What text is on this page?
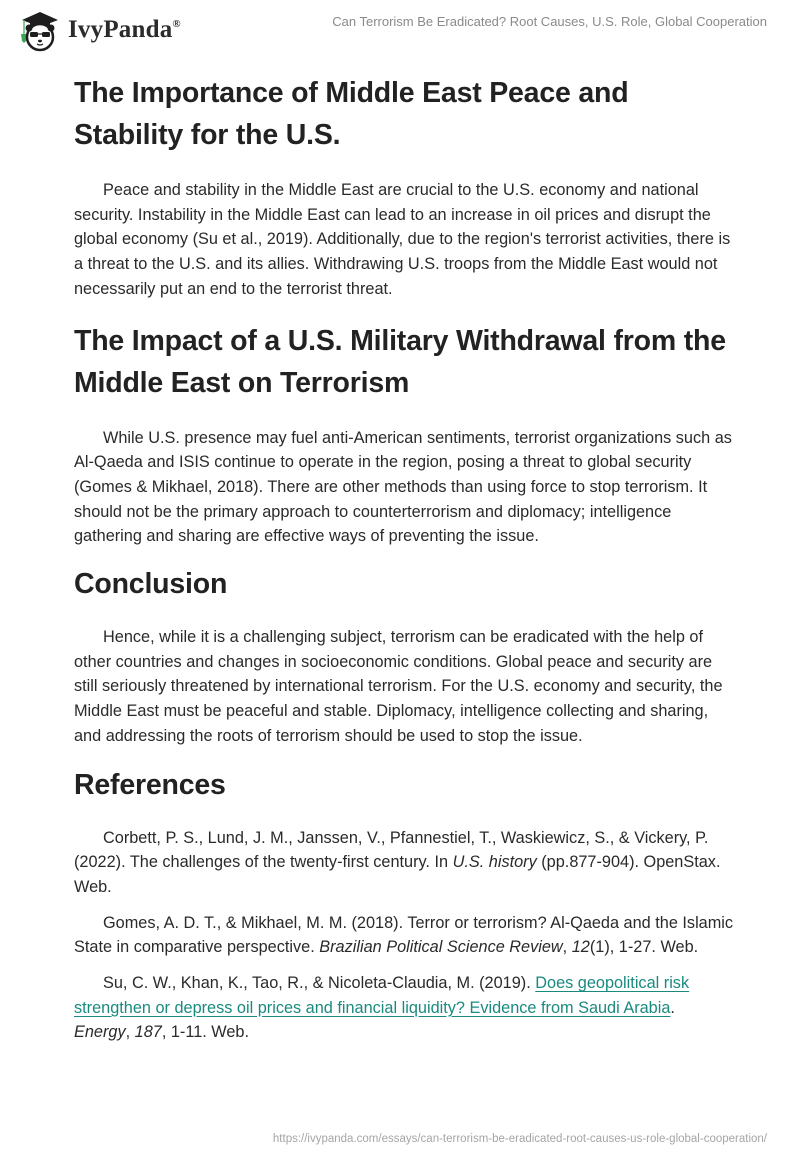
IvyPanda®	Can Terrorism Be Eradicated? Root Causes, U.S. Role, Global Cooperation
The Importance of Middle East Peace and Stability for the U.S.

Peace and stability in the Middle East are crucial to the U.S. economy and national security. Instability in the Middle East can lead to an increase in oil prices and disrupt the global economy (Su et al., 2019). Additionally, due to the region's terrorist activities, there is a threat to the U.S. and its allies. Withdrawing U.S. troops from the Middle East would not necessarily put an end to the terrorist threat.

The Impact of a U.S. Military Withdrawal from the Middle East on Terrorism

While U.S. presence may fuel anti-American sentiments, terrorist organizations such as Al-Qaeda and ISIS continue to operate in the region, posing a threat to global security (Gomes & Mikhael, 2018). There are other methods than using force to stop terrorism. It should not be the primary approach to counterterrorism and diplomacy; intelligence gathering and sharing are effective ways of preventing the issue.

Conclusion

Hence, while it is a challenging subject, terrorism can be eradicated with the help of other countries and changes in socioeconomic conditions. Global peace and security are still seriously threatened by international terrorism. For the U.S. economy and security, the Middle East must be peaceful and stable. Diplomacy, intelligence collecting and sharing, and addressing the roots of terrorism should be used to stop the issue.

References

Corbett, P. S., Lund, J. M., Janssen, V., Pfannestiel, T., Waskiewicz, S., & Vickery, P. (2022). The challenges of the twenty-first century. In U.S. history (pp.877-904). OpenStax. Web.

Gomes, A. D. T., & Mikhael, M. M. (2018). Terror or terrorism? Al-Qaeda and the Islamic State in comparative perspective. Brazilian Political Science Review, 12(1), 1-27. Web.

Su, C. W., Khan, K., Tao, R., & Nicoleta-Claudia, M. (2019). Does geopolitical risk strengthen or depress oil prices and financial liquidity? Evidence from Saudi Arabia. Energy, 187, 1-11. Web.

https://ivypanda.com/essays/can-terrorism-be-eradicated-root-causes-us-role-global-cooperation/
